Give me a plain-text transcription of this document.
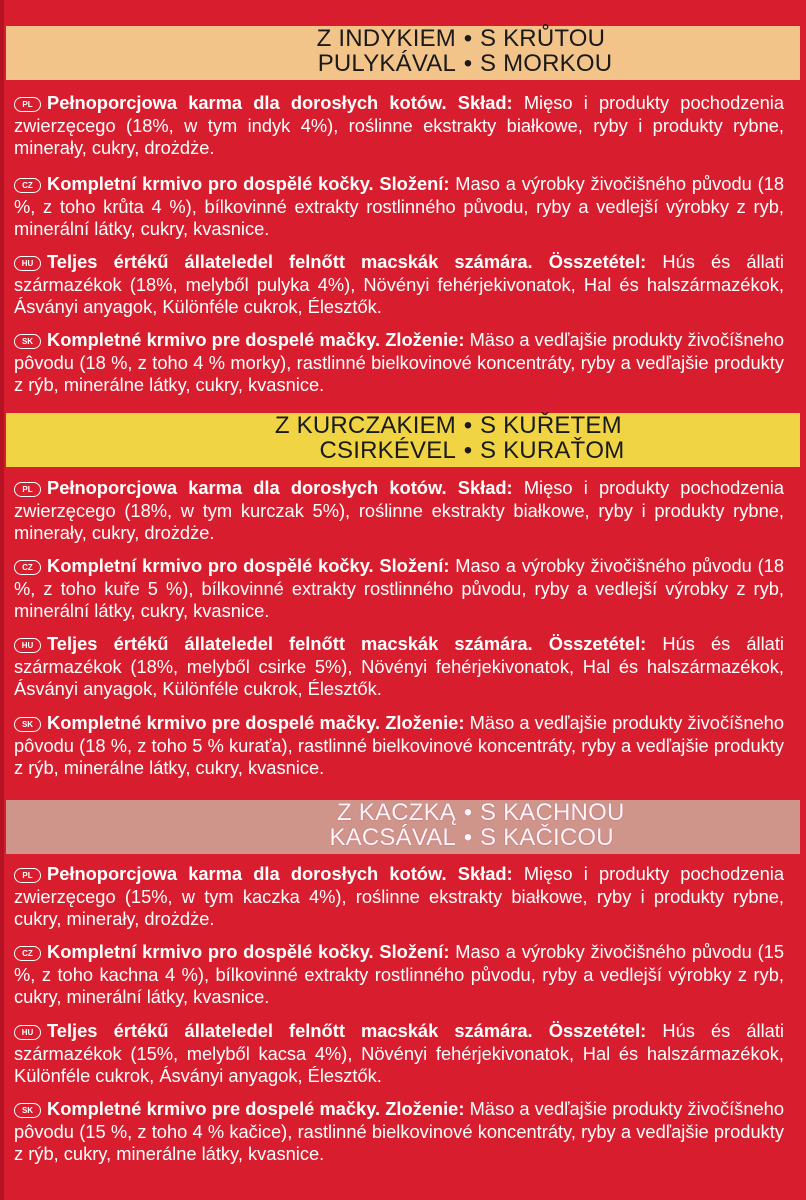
Z INDYKIEM • S KRŮTOU
PULYKÁVAL • S MORKOU
PL Pełnoporcjowa karma dla dorosłych kotów. Skład: Mięso i produkty pochodzenia zwierzęcego (18%, w tym indyk 4%), roślinne ekstrakty białkowe, ryby i produkty rybne, minerały, cukry, drożdże.
CZ Kompletní krmivo pro dospělé kočky. Složení: Maso a výrobky živočišného původu (18 %, z toho krůta 4 %), bílkovinné extrakty rostlinného původu, ryby a vedlejší výrobky z ryb, minerální látky, cukry, kvasnice.
HU Teljes értékű állateledel felnőtt macskák számára. Összetétel: Hús és állati származékok (18%, melyből pulyka 4%), Növényi fehérjekivonatok, Hal és halszármazékok, Ásványi anyagok, Különféle cukrok, Élesztők.
SK Kompletné krmivo pre dospelé mačky. Zloženie: Mäso a vedľajšie produkty živočíšneho pôvodu (18 %, z toho 4 % morky), rastlinné bielkovinové koncentráty, ryby a vedľajšie produkty z rýb, minerálne látky, cukry, kvasnice.
Z KURCZAKIEM • S KUŘETEM
CSIRKÉVEL • S KURAŤOM
PL Pełnoporcjowa karma dla dorosłych kotów. Skład: Mięso i produkty pochodzenia zwierzęcego (18%, w tym kurczak 5%), roślinne ekstrakty białkowe, ryby i produkty rybne, minerały, cukry, drożdże.
CZ Kompletní krmivo pro dospělé kočky. Složení: Maso a výrobky živočišného původu (18 %, z toho kuře 5 %), bílkovinné extrakty rostlinného původu, ryby a vedlejší výrobky z ryb, minerální látky, cukry, kvasnice.
HU Teljes értékű állateledel felnőtt macskák számára. Összetétel: Hús és állati származékok (18%, melyből csirke 5%), Növényi fehérjekivonatok, Hal és halszármazékok, Ásványi anyagok, Különféle cukrok, Élesztők.
SK Kompletné krmivo pre dospelé mačky. Zloženie: Mäso a vedľajšie produkty živočíšneho pôvodu (18 %, z toho 5 % kuraťa), rastlinné bielkovinové koncentráty, ryby a vedľajšie produkty z rýb, minerálne látky, cukry, kvasnice.
Z KACZKĄ • S KACHNOU
KACSÁVAL • S KAČICOU
PL Pełnoporcjowa karma dla dorosłych kotów. Skład: Mięso i produkty pochodzenia zwierzęcego (15%, w tym kaczka 4%), roślinne ekstrakty białkowe, ryby i produkty rybne, cukry, minerały, drożdże.
CZ Kompletní krmivo pro dospělé kočky. Složení: Maso a výrobky živočišného původu (15 %, z toho kachna 4 %), bílkovinné extrakty rostlinného původu, ryby a vedlejší výrobky z ryb, cukry, minerální látky, kvasnice.
HU Teljes értékű állateledel felnőtt macskák számára. Összetétel: Hús és állati származékok (15%, melyből kacsa 4%), Növényi fehérjekivonatok, Hal és halszármazékok, Különféle cukrok, Ásványi anyagok, Élesztők.
SK Kompletné krmivo pre dospelé mačky. Zloženie: Mäso a vedľajšie produkty živočíšneho pôvodu (15 %, z toho 4 % kačice), rastlinné bielkovinové koncentráty, ryby a vedľajšie produkty z rýb, cukry, minerálne látky, kvasnice.
